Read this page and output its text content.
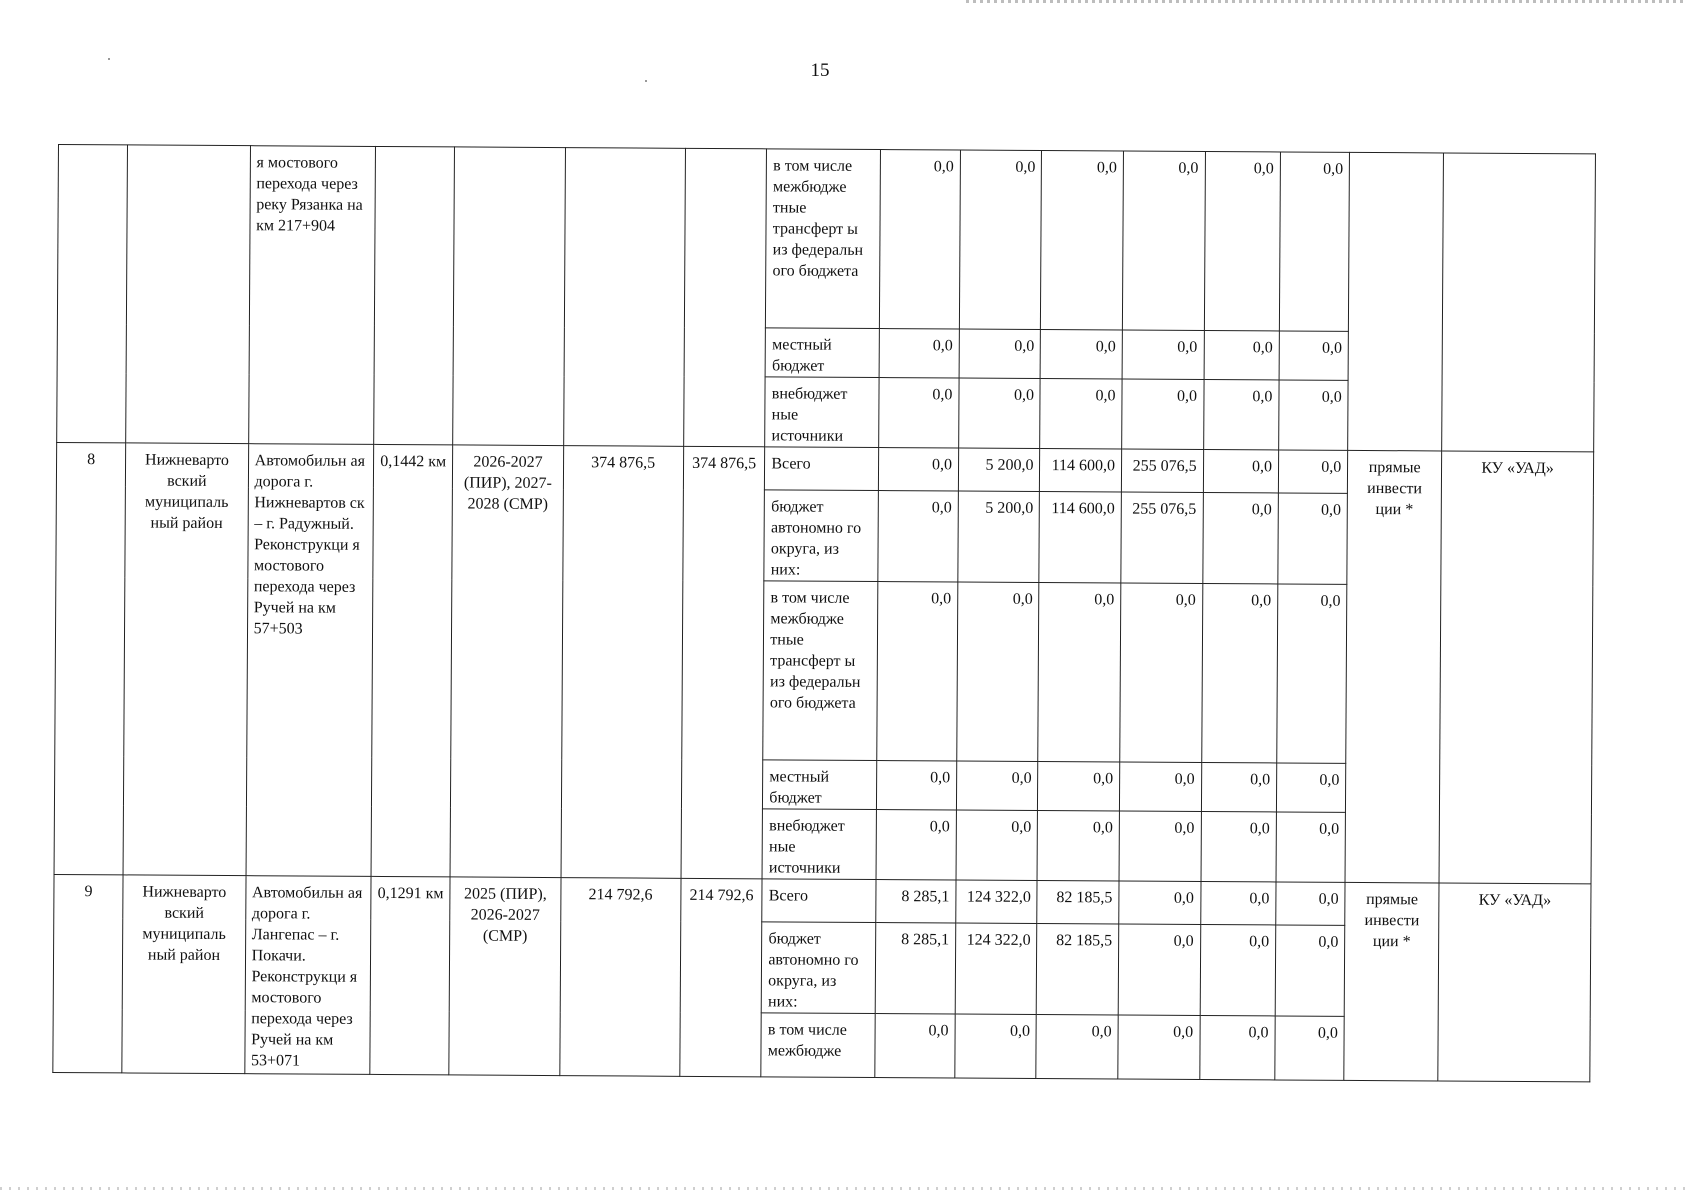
15
		я мостового перехода через реку Рязанка на км 217+904					в том числе межбюдже тные трансферт ы из федеральн ого бюджета	0,0	0,0	0,0	0,0	0,0	0,0		
							местный бюджет	0,0	0,0	0,0	0,0	0,0	0,0		
							внебюджет ные источники	0,0	0,0	0,0	0,0	0,0	0,0		
8	Нижневарто вский муниципаль ный район	Автомобильн ая дорога г. Нижневартов ск – г. Радужный. Реконструкци я мостового перехода через Ручей на км 57+503	0,1442 км	2026-2027 (ПИР), 2027-2028 (СМР)	374 876,5	374 876,5	Всего	0,0	5 200,0	114 600,0	255 076,5	0,0	0,0	прямые инвести ции *	КУ «УАД»
							бюджет автономно го округа, из них:	0,0	5 200,0	114 600,0	255 076,5	0,0	0,0		
							в том числе межбюдже тные трансферт ы из федеральн ого бюджета	0,0	0,0	0,0	0,0	0,0	0,0		
							местный бюджет	0,0	0,0	0,0	0,0	0,0	0,0		
							внебюджет ные источники	0,0	0,0	0,0	0,0	0,0	0,0		
9	Нижневарто вский муниципаль ный район	Автомобильн ая дорога г. Лангепас – г. Покачи. Реконструкци я мостового перехода через Ручей на км 53+071	0,1291 км	2025 (ПИР), 2026-2027 (СМР)	214 792,6	214 792,6	Всего	8 285,1	124 322,0	82 185,5	0,0	0,0	0,0	прямые инвести ции *	КУ «УАД»
							бюджет автономно го округа, из них:	8 285,1	124 322,0	82 185,5	0,0	0,0	0,0		
							в том числе межбюдже	0,0	0,0	0,0	0,0	0,0	0,0		
